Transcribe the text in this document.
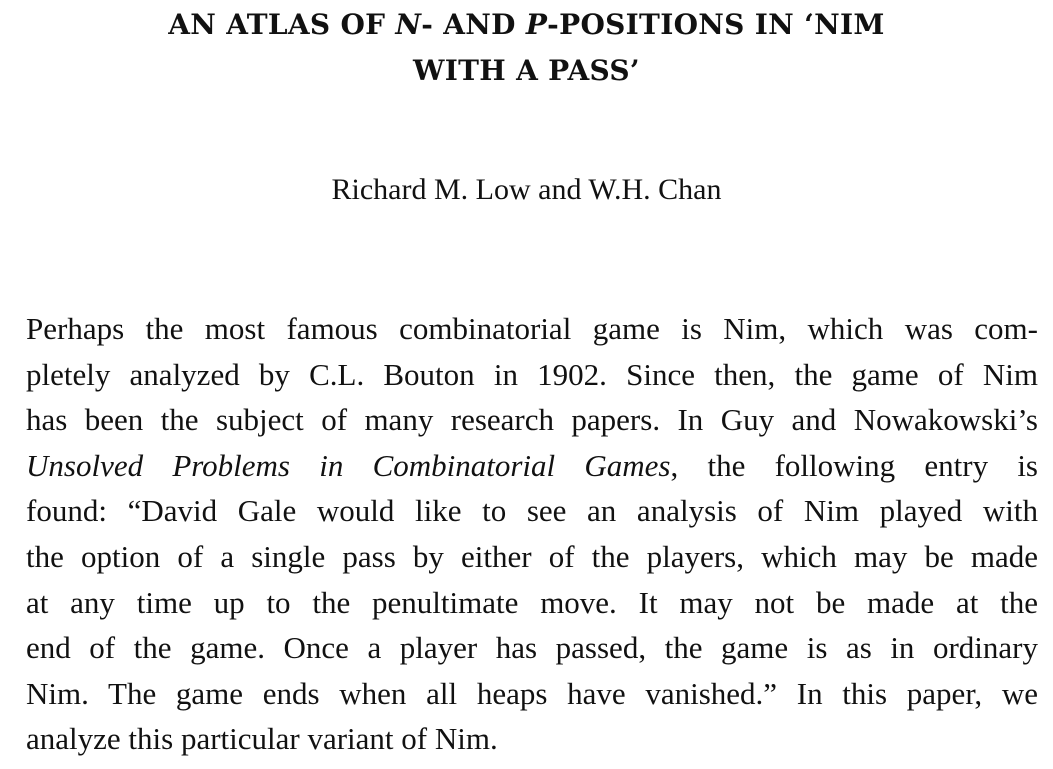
AN ATLAS OF N- AND P-POSITIONS IN ‘NIM
WITH A PASS’

Richard M. Low and W.H. Chan

Perhaps the most famous combinatorial game is Nim, which was com-
pletely analyzed by C.L. Bouton in 1902. Since then, the game of Nim
has been the subject of many research papers. In Guy and Nowakowski’s
Unsolved Problems in Combinatorial Games, the following entry is
found: “David Gale would like to see an analysis of Nim played with
the option of a single pass by either of the players, which may be made
at any time up to the penultimate move. It may not be made at the
end of the game. Once a player has passed, the game is as in ordinary
Nim. The game ends when all heaps have vanished.” In this paper, we
analyze this particular variant of Nim.
